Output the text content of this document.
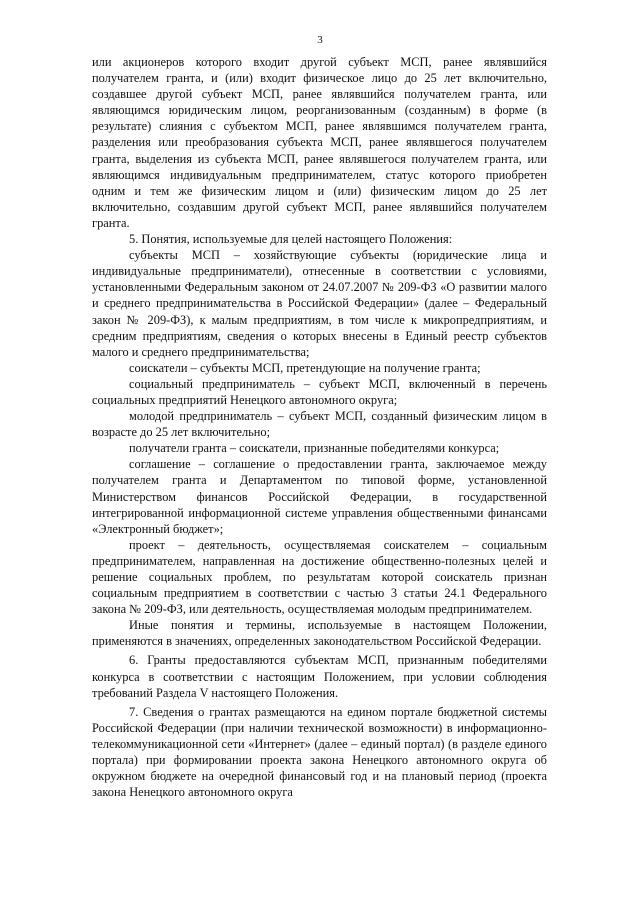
3

или акционеров которого входит другой субъект МСП, ранее являвшийся получателем гранта, и (или) входит физическое лицо до 25 лет включительно, создавшее другой субъект МСП, ранее являвшийся получателем гранта, или являющимся юридическим лицом, реорганизованным (созданным) в форме (в результате) слияния с субъектом МСП, ранее являвшимся получателем гранта, разделения или преобразования субъекта МСП, ранее являвшегося получателем гранта, выделения из субъекта МСП, ранее являвшегося получателем гранта, или являющимся индивидуальным предпринимателем, статус которого приобретен одним и тем же физическим лицом и (или) физическим лицом до 25 лет включительно, создавшим другой субъект МСП, ранее являвшийся получателем гранта.

5. Понятия, используемые для целей настоящего Положения:

субъекты МСП – хозяйствующие субъекты (юридические лица и индивидуальные предприниматели), отнесенные в соответствии с условиями, установленными Федеральным законом от 24.07.2007 № 209-ФЗ «О развитии малого и среднего предпринимательства в Российской Федерации» (далее – Федеральный закон № 209-ФЗ), к малым предприятиям, в том числе к микропредприятиям, и средним предприятиям, сведения о которых внесены в Единый реестр субъектов малого и среднего предпринимательства;

соискатели – субъекты МСП, претендующие на получение гранта;

социальный предприниматель – субъект МСП, включенный в перечень социальных предприятий Ненецкого автономного округа;

молодой предприниматель – субъект МСП, созданный физическим лицом в возрасте до 25 лет включительно;

получатели гранта – соискатели, признанные победителями конкурса;

соглашение – соглашение о предоставлении гранта, заключаемое между получателем гранта и Департаментом по типовой форме, установленной Министерством финансов Российской Федерации, в государственной интегрированной информационной системе управления общественными финансами «Электронный бюджет»;

проект – деятельность, осуществляемая соискателем – социальным предпринимателем, направленная на достижение общественно-полезных целей и решение социальных проблем, по результатам которой соискатель признан социальным предприятием в соответствии с частью 3 статьи 24.1 Федерального закона № 209-ФЗ, или деятельность, осуществляемая молодым предпринимателем.

Иные понятия и термины, используемые в настоящем Положении, применяются в значениях, определенных законодательством Российской Федерации.

6. Гранты предоставляются субъектам МСП, признанным победителями конкурса в соответствии с настоящим Положением, при условии соблюдения требований Раздела V настоящего Положения.

7. Сведения о грантах размещаются на едином портале бюджетной системы Российской Федерации (при наличии технической возможности) в информационно-телекоммуникационной сети «Интернет» (далее – единый портал) (в разделе единого портала) при формировании проекта закона Ненецкого автономного округа об окружном бюджете на очередной финансовый год и на плановый период (проекта закона Ненецкого автономного округа
